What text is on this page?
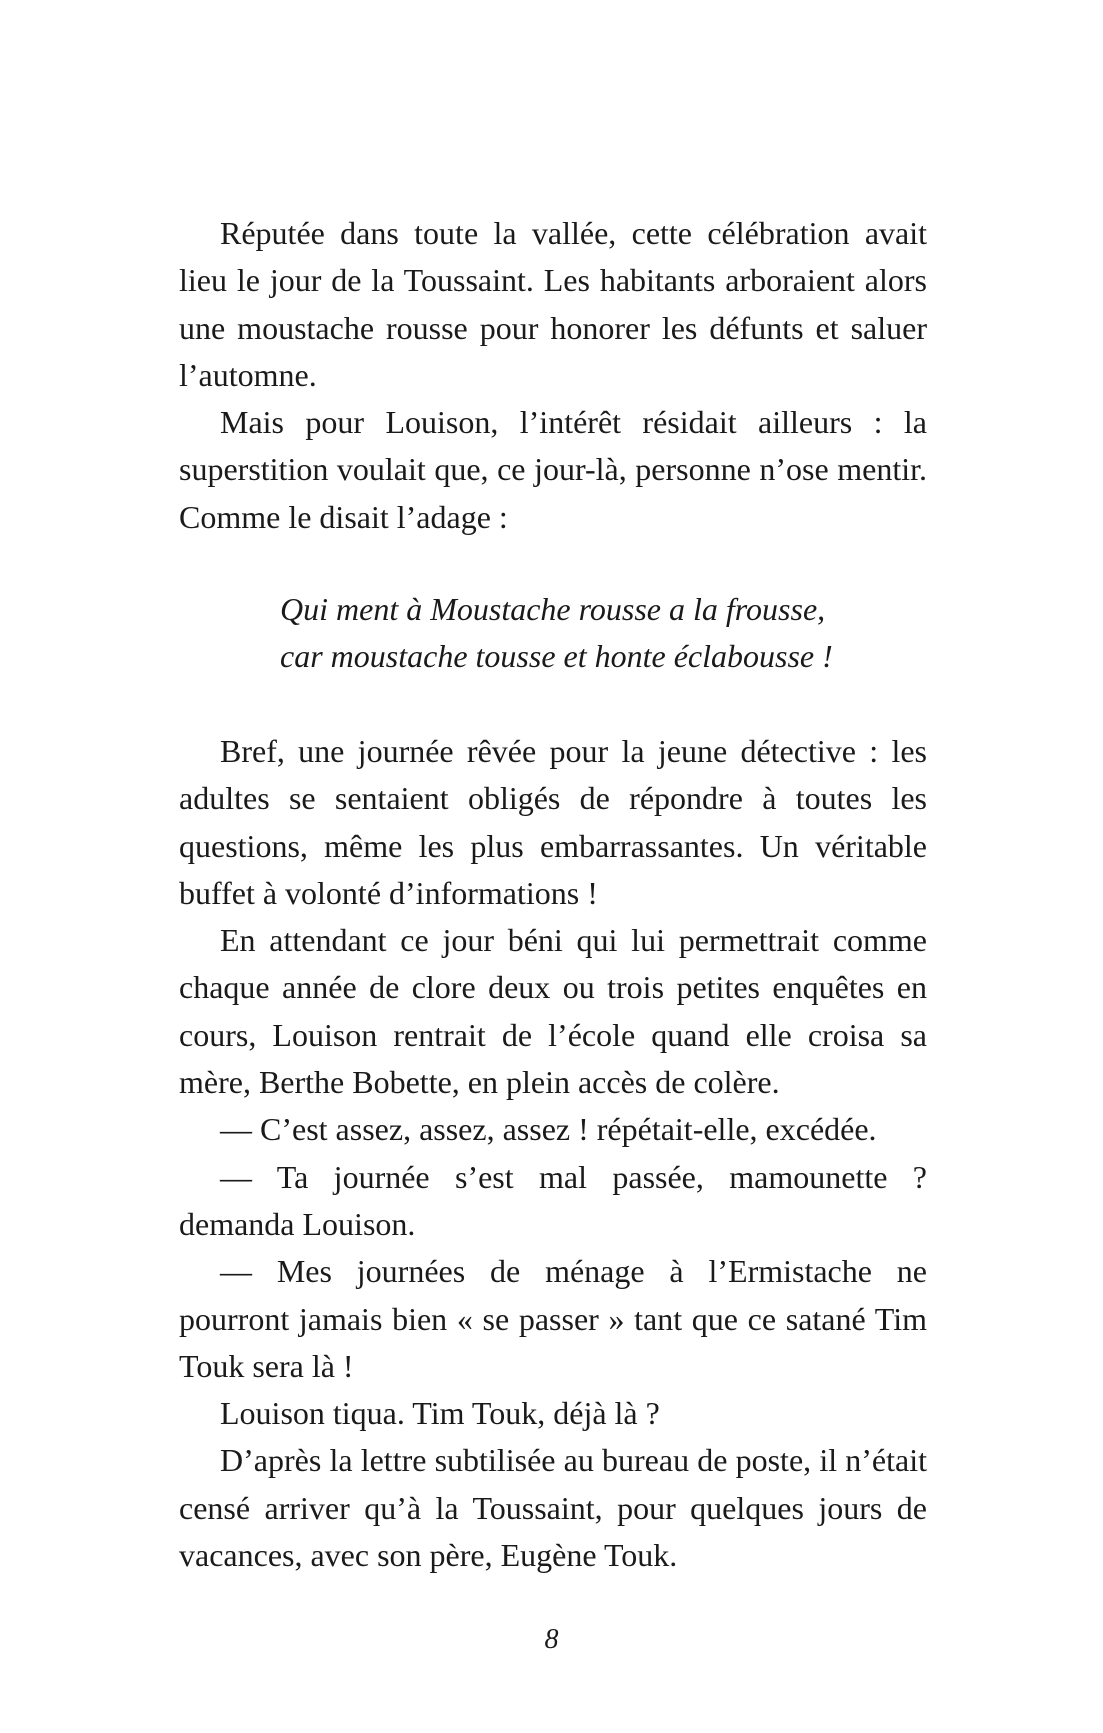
Réputée dans toute la vallée, cette célébration avait lieu le jour de la Toussaint. Les habitants arboraient alors une moustache rousse pour honorer les défunts et saluer l’automne.

Mais pour Louison, l’intérêt résidait ailleurs : la superstition voulait que, ce jour-là, personne n’ose mentir. Comme le disait l’adage :

Qui ment à Moustache rousse a la frousse,
car moustache tousse et honte éclabousse !

Bref, une journée rêvée pour la jeune détective : les adultes se sentaient obligés de répondre à toutes les questions, même les plus embarrassantes. Un véritable buffet à volonté d’informations !

En attendant ce jour béni qui lui permettrait comme chaque année de clore deux ou trois petites enquêtes en cours, Louison rentrait de l’école quand elle croisa sa mère, Berthe Bobette, en plein accès de colère.

— C’est assez, assez, assez ! répétait-elle, excédée.

— Ta journée s’est mal passée, mamounette ? demanda Louison.

— Mes journées de ménage à l’Ermistache ne pourront jamais bien « se passer » tant que ce satané Tim Touk sera là !

Louison tiqua. Tim Touk, déjà là ?

D’après la lettre subtilisée au bureau de poste, il n’était censé arriver qu’à la Toussaint, pour quelques jours de vacances, avec son père, Eugène Touk.

8
